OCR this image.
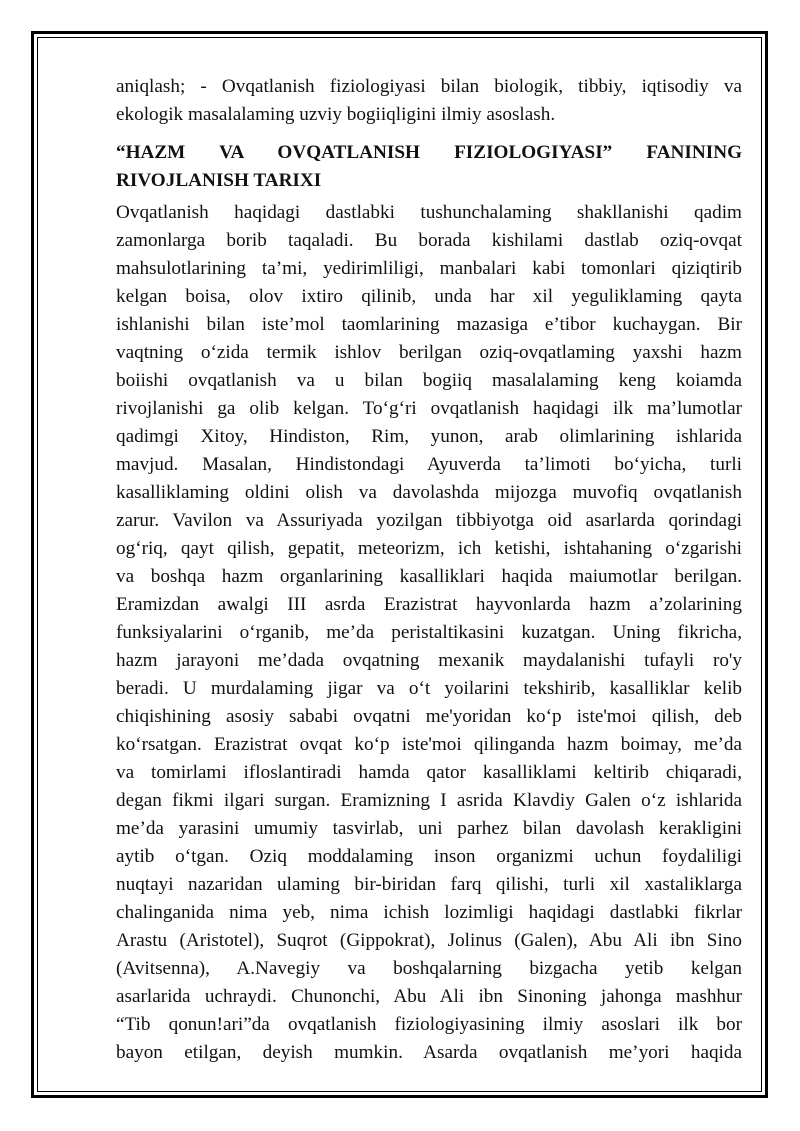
aniqlash; - Ovqatlanish fiziologiyasi bilan biologik, tibbiy, iqtisodiy va
ekologik masalalaming uzviy bogiiqligini ilmiy asoslash.
“HAZM VA OVQATLANISH FIZIOLOGIYASI” FANINING
RIVOJLANISH TARIXI
Ovqatlanish haqidagi dastlabki tushunchalaming shakllanishi qadim
zamonlarga borib taqaladi. Bu borada kishilami dastlab oziq-ovqat
mahsulotlarining ta’mi, yedirimliligi, manbalari kabi tomonlari qiziqtirib
kelgan boisa, olov ixtiro qilinib, unda har xil yeguliklaming qayta
ishlanishi bilan iste’mol taomlarining mazasiga e’tibor kuchaygan. Bir
vaqtning o‘zida termik ishlov berilgan oziq-ovqatlaming yaxshi hazm
boiishi ovqatlanish va u bilan bogiiq masalalaming keng koiamda
rivojlanishi ga olib kelgan. To‘g‘ri ovqatlanish haqidagi ilk ma’lumotlar
qadimgi Xitoy, Hindiston, Rim, yunon, arab olimlarining ishlarida
mavjud. Masalan, Hindistondagi Ayuverda ta’limoti bo‘yicha, turli
kasalliklaming oldini olish va davolashda mijozga muvofiq ovqatlanish
zarur. Vavilon va Assuriyada yozilgan tibbiyotga oid asarlarda qorindagi
og‘riq, qayt qilish, gepatit, meteorizm, ich ketishi, ishtahaning o‘zgarishi
va boshqa hazm organlarining kasalliklari haqida maiumotlar berilgan.
Eramizdan awalgi III asrda Erazistrat hayvonlarda hazm a’zolarining
funksiyalarini o‘rganib, me’da peristaltikasini kuzatgan. Uning fikricha,
hazm jarayoni me’dada ovqatning mexanik maydalanishi tufayli ro'y
beradi. U murdalaming jigar va o‘t yoilarini tekshirib, kasalliklar kelib
chiqishining asosiy sababi ovqatni me'yoridan ko‘p iste'moi qilish, deb
ko‘rsatgan. Erazistrat ovqat ko‘p iste'moi qilinganda hazm boimay, me’da
va tomirlami ifloslantiradi hamda qator kasalliklami keltirib chiqaradi,
degan fikmi ilgari surgan. Eramizning I asrida Klavdiy Galen o‘z ishlarida
me’da yarasini umumiy tasvirlab, uni parhez bilan davolash kerakligini
aytib o‘tgan. Oziq moddalaming inson organizmi uchun foydaliligi
nuqtayi nazaridan ulaming bir-biridan farq qilishi, turli xil xastaliklarga
chalinganida nima yeb, nima ichish lozimligi haqidagi dastlabki fikrlar
Arastu (Aristotel), Suqrot (Gippokrat), Jolinus (Galen), Abu Ali ibn Sino
(Avitsenna), A.Navegiy va boshqalarning bizgacha yetib kelgan
asarlarida uchraydi. Chunonchi, Abu Ali ibn Sinoning jahonga mashhur
“Tib qonun!ari”da ovqatlanish fiziologiyasining ilmiy asoslari ilk bor
bayon etilgan, deyish mumkin. Asarda ovqatlanish me’yori haqida
